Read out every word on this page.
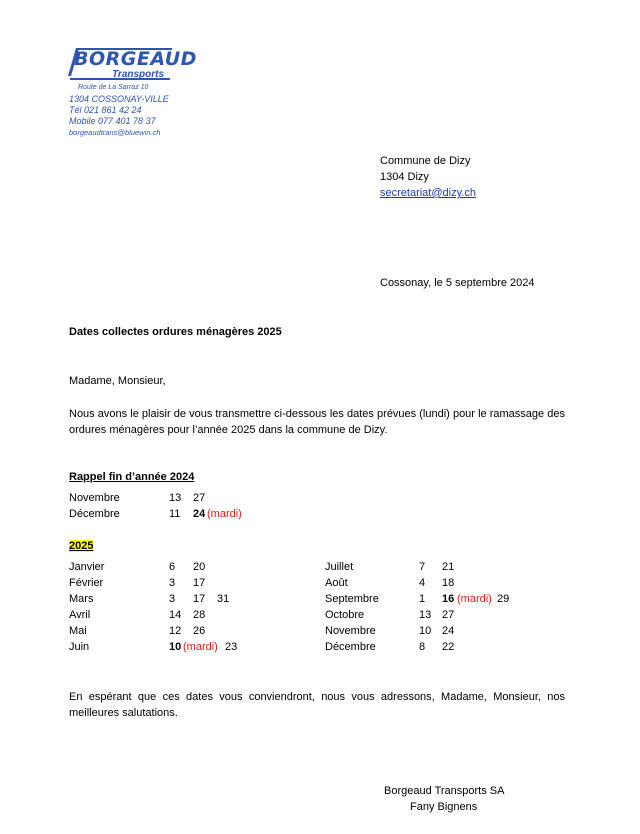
BORGEAUD
Transports
Route de La Sarraz 10
1304 COSSONAY-VILLE
Tél 021 861 42 24
Mobile 077 401 78 37
borgeaudtrans@bluewin.ch
Commune de Dizy
1304 Dizy
secretariat@dizy.ch
Cossonay, le 5 septembre 2024
Dates collectes ordures ménagères 2025
Madame, Monsieur,
Nous avons le plaisir de vous transmettre ci-dessous les dates prévues (lundi) pour le ramassage des ordures ménagères pour l’année 2025 dans la commune de Dizy.
Rappel fin d’année 2024
Novembre	13 27
Décembre	11 24 (mardi)
2025
Janvier	6 20
Février	3 17
Mars	3 17 31
Avril	14 28
Mai	12 26
Juin	10 (mardi) 23
Juillet	7 21
Août	4 18
Septembre	1 16 (mardi) 29
Octobre	13 27
Novembre	10 24
Décembre	8 22
En espérant que ces dates vous conviendront, nous vous adressons, Madame, Monsieur, nos meilleures salutations.
Borgeaud Transports SA
Fany Bignens
